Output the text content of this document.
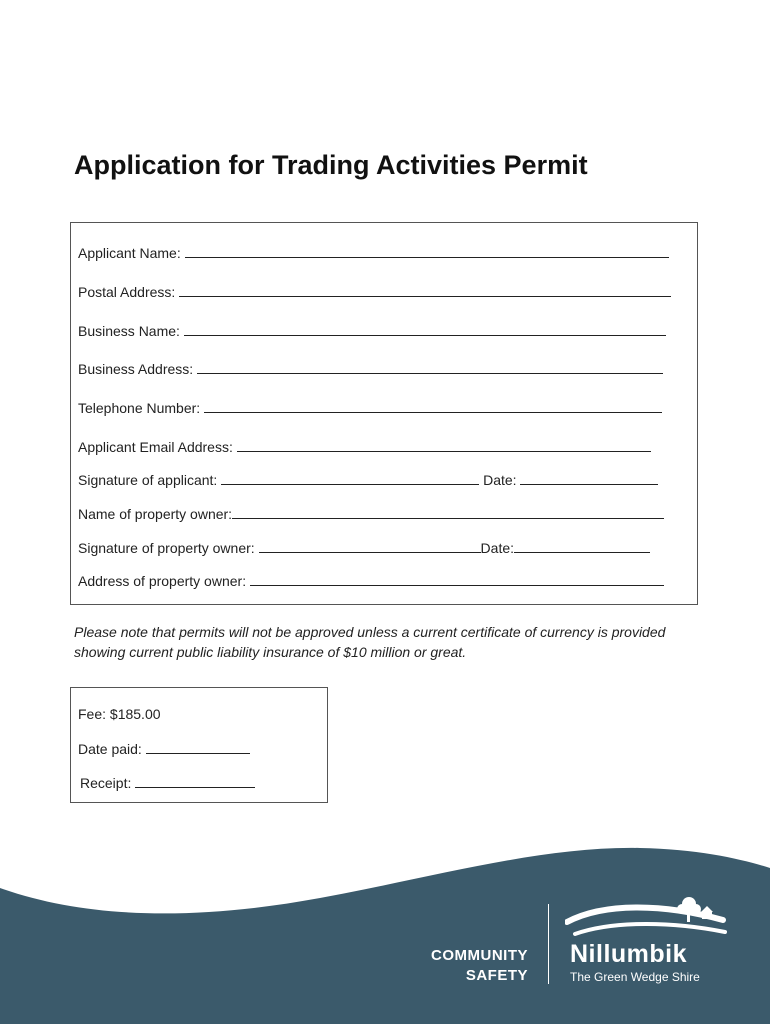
Application for Trading Activities Permit
Applicant Name:
Postal Address:
Business Name:
Business Address:
Telephone Number:
Applicant Email Address:
Signature of applicant:	Date:
Name of property owner:
Signature of property owner:	Date:
Address of property owner:

Please note that permits will not be approved unless a current certificate of currency is provided showing current public liability insurance of $10 million or great.

Fee: $185.00
Date paid:
Receipt:
COMMUNITY
SAFETY
Nillumbik
The Green Wedge Shire
